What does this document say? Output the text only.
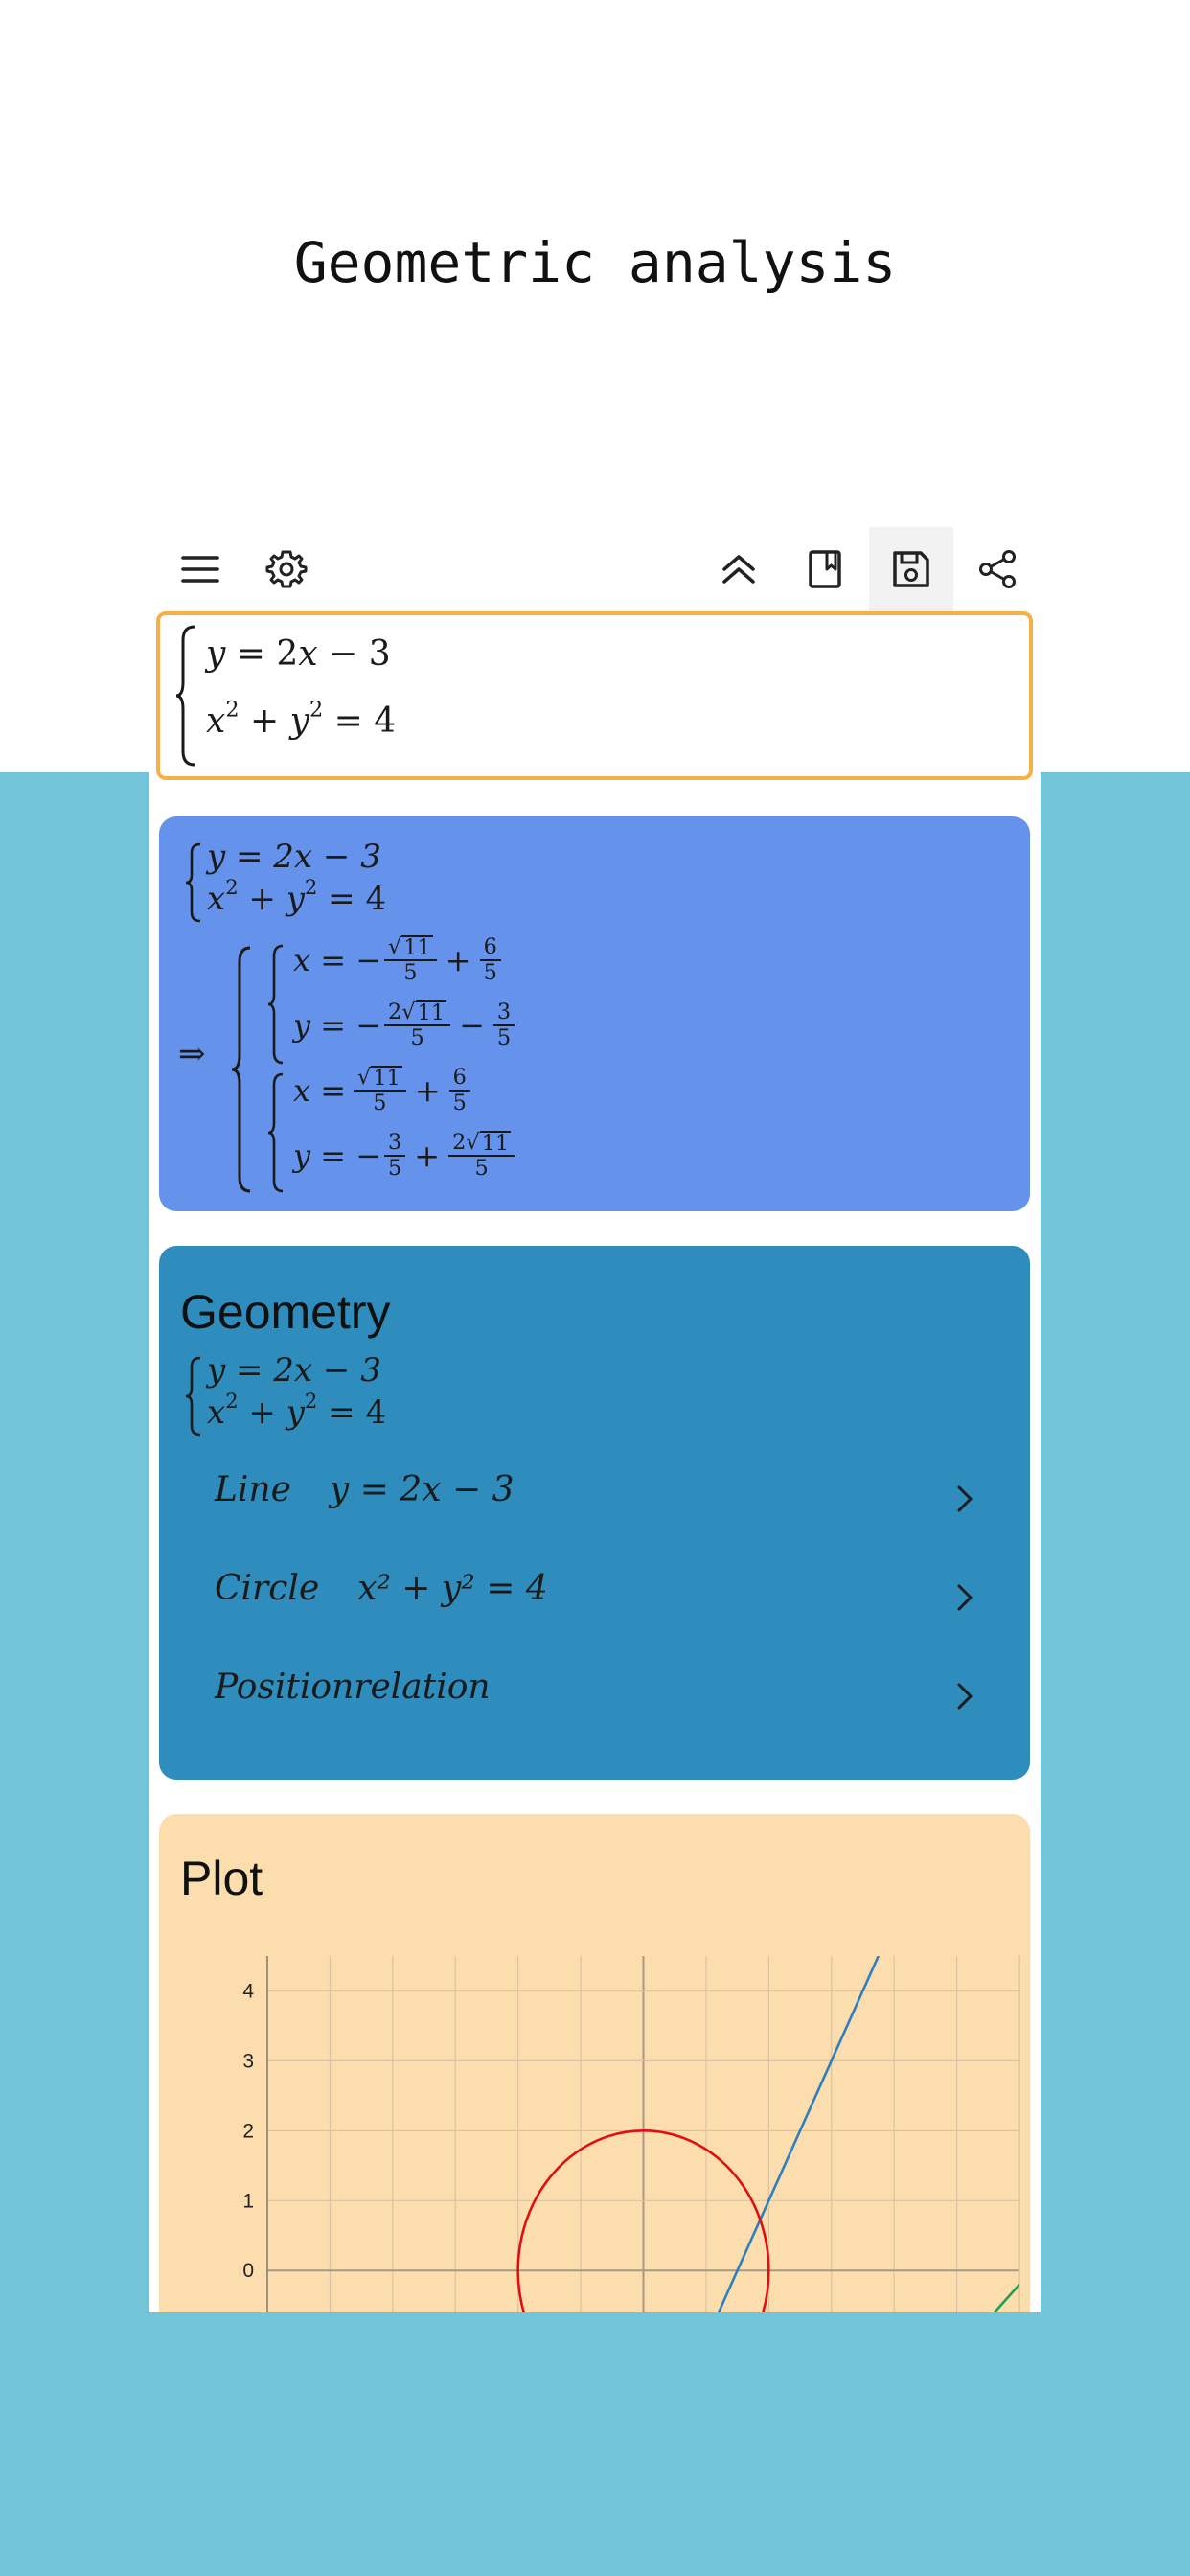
Geometric analysis
y = 2x − 3
$x^2 + y^2 = 4$
y = 2x − 3
$x^2 + y^2 = 4$
⇒
x = − $\frac{√ 11}{5} + \frac{6}{5}$
y = − $\frac{2 √ 11}{5} - \frac{3}{5}$
$x = \frac{√ 11}{5} + \frac{6}{5}$
y = − $\frac{3}{5} + \frac{2 √ 11}{5}$
Geometry
y = 2x − 3
$x^2 + y^2 = 4$
Line y = 2x − 3
Circle x² + y² = 4
Positionrelation
Plot
4
3
2
1
0
